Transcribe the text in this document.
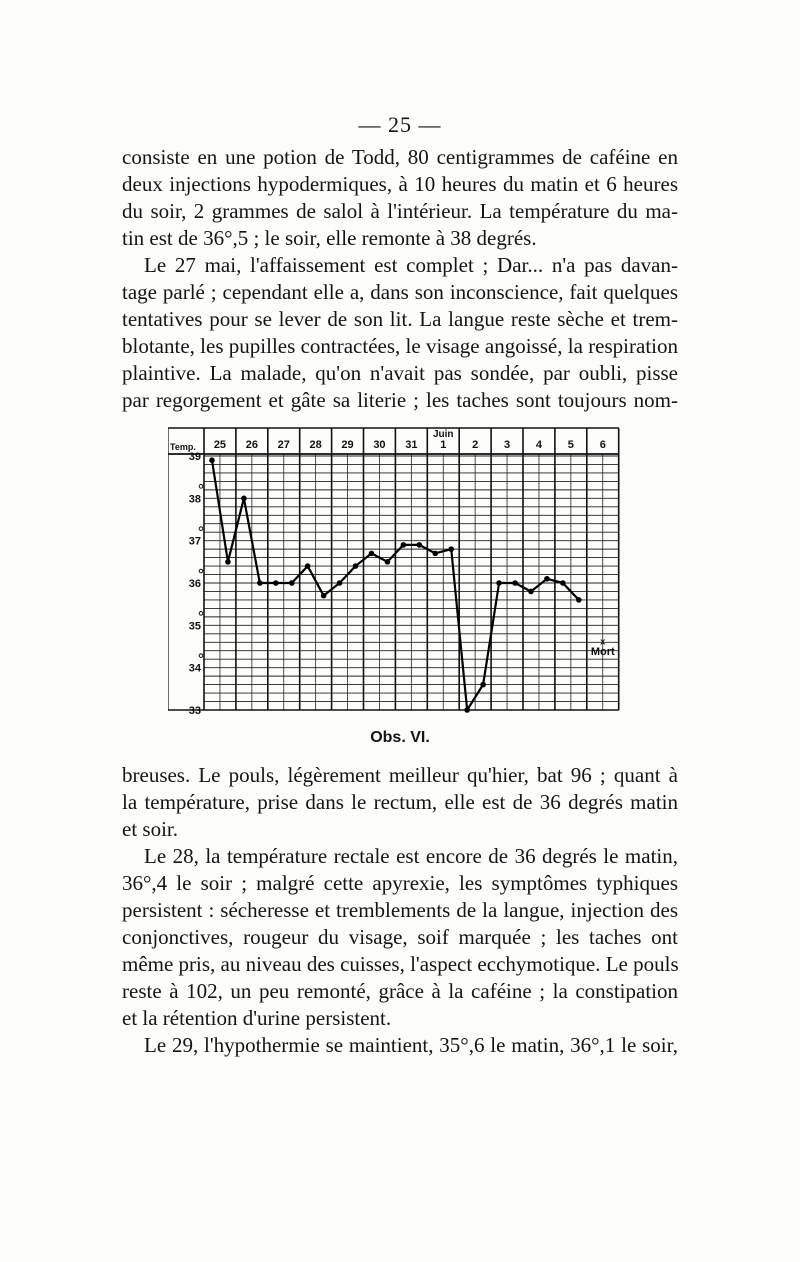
— 25 —

consiste en une potion de Todd, 80 centigrammes de caféine en
deux injections hypodermiques, à 10 heures du matin et 6 heures
du soir, 2 grammes de salol à l'intérieur. La température du ma-
tin est de 36°,5 ; le soir, elle remonte à 38 degrés.

Le 27 mai, l'affaissement est complet ; Dar... n'a pas davan-
tage parlé ; cependant elle a, dans son inconscience, fait quelques
tentatives pour se lever de son lit. La langue reste sèche et trem-
blotante, les pupilles contractées, le visage angoissé, la respiration
plaintive. La malade, qu'on n'avait pas sondée, par oubli, pisse
par regorgement et gâte sa literie ; les taches sont toujours nom-

Temp. 25 26 27 28 29 30 31 1 2 3 4 5 6
Juin
39
38
37
36
35
34
33
x
Mort
Obs. VI.

breuses. Le pouls, légèrement meilleur qu'hier, bat 96 ; quant à
la température, prise dans le rectum, elle est de 36 degrés matin
et soir.

Le 28, la température rectale est encore de 36 degrés le matin,
36°,4 le soir ; malgré cette apyrexie, les symptômes typhiques
persistent : sécheresse et tremblements de la langue, injection des
conjonctives, rougeur du visage, soif marquée ; les taches ont
même pris, au niveau des cuisses, l'aspect ecchymotique. Le pouls
reste à 102, un peu remonté, grâce à la caféine ; la constipation
et la rétention d'urine persistent.

Le 29, l'hypothermie se maintient, 35°,6 le matin, 36°,1 le soir,
